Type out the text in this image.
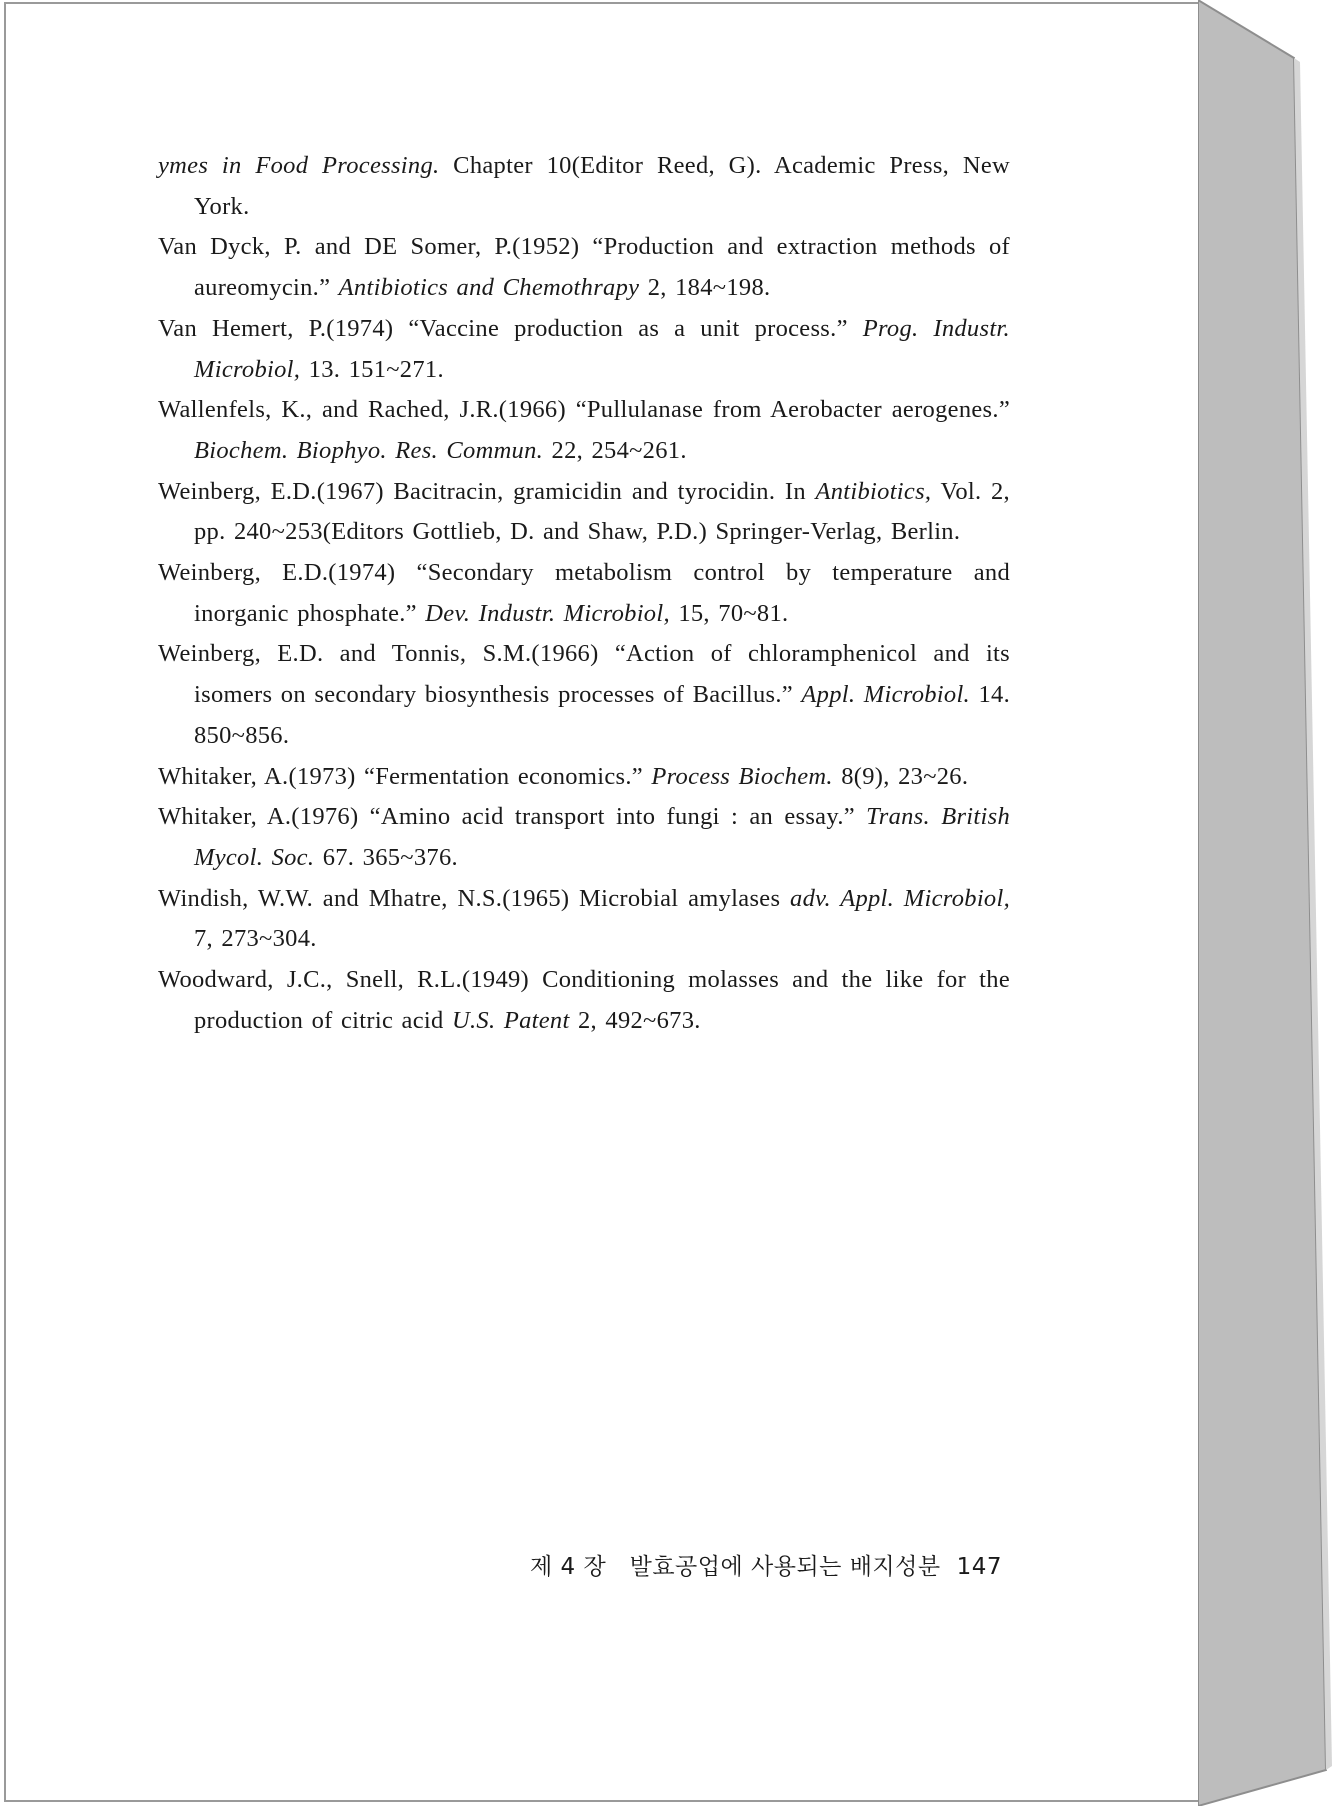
ymes in Food Processing. Chapter 10(Editor Reed, G). Academic Press, New York.
Van Dyck, P. and DE Somer, P.(1952) “Production and extraction methods of aureomycin.” Antibiotics and Chemothrapy 2, 184~198.
Van Hemert, P.(1974) “Vaccine production as a unit process.” Prog. Industr. Microbiol, 13. 151~271.
Wallenfels, K., and Rached, J.R.(1966) “Pullulanase from Aerobacter aerogenes.” Biochem. Biophyo. Res. Commun. 22, 254~261.
Weinberg, E.D.(1967) Bacitracin, gramicidin and tyrocidin. In Antibiotics, Vol. 2, pp. 240~253(Editors Gottlieb, D. and Shaw, P.D.) Springer-Verlag, Berlin.
Weinberg, E.D.(1974) “Secondary metabolism control by temperature and inorganic phosphate.” Dev. Industr. Microbiol, 15, 70~81.
Weinberg, E.D. and Tonnis, S.M.(1966) “Action of chloramphenicol and its isomers on secondary biosynthesis processes of Bacillus.” Appl. Microbiol. 14. 850~856.
Whitaker, A.(1973) “Fermentation economics.” Process Biochem. 8(9), 23~26.
Whitaker, A.(1976) “Amino acid transport into fungi : an essay.” Trans. British Mycol. Soc. 67. 365~376.
Windish, W.W. and Mhatre, N.S.(1965) Microbial amylases adv. Appl. Microbiol, 7, 273~304.
Woodward, J.C., Snell, R.L.(1949) Conditioning molasses and the like for the production of citric acid U.S. Patent 2, 492~673.
제 4 장   발효공업에 사용되는 배지성분 147
